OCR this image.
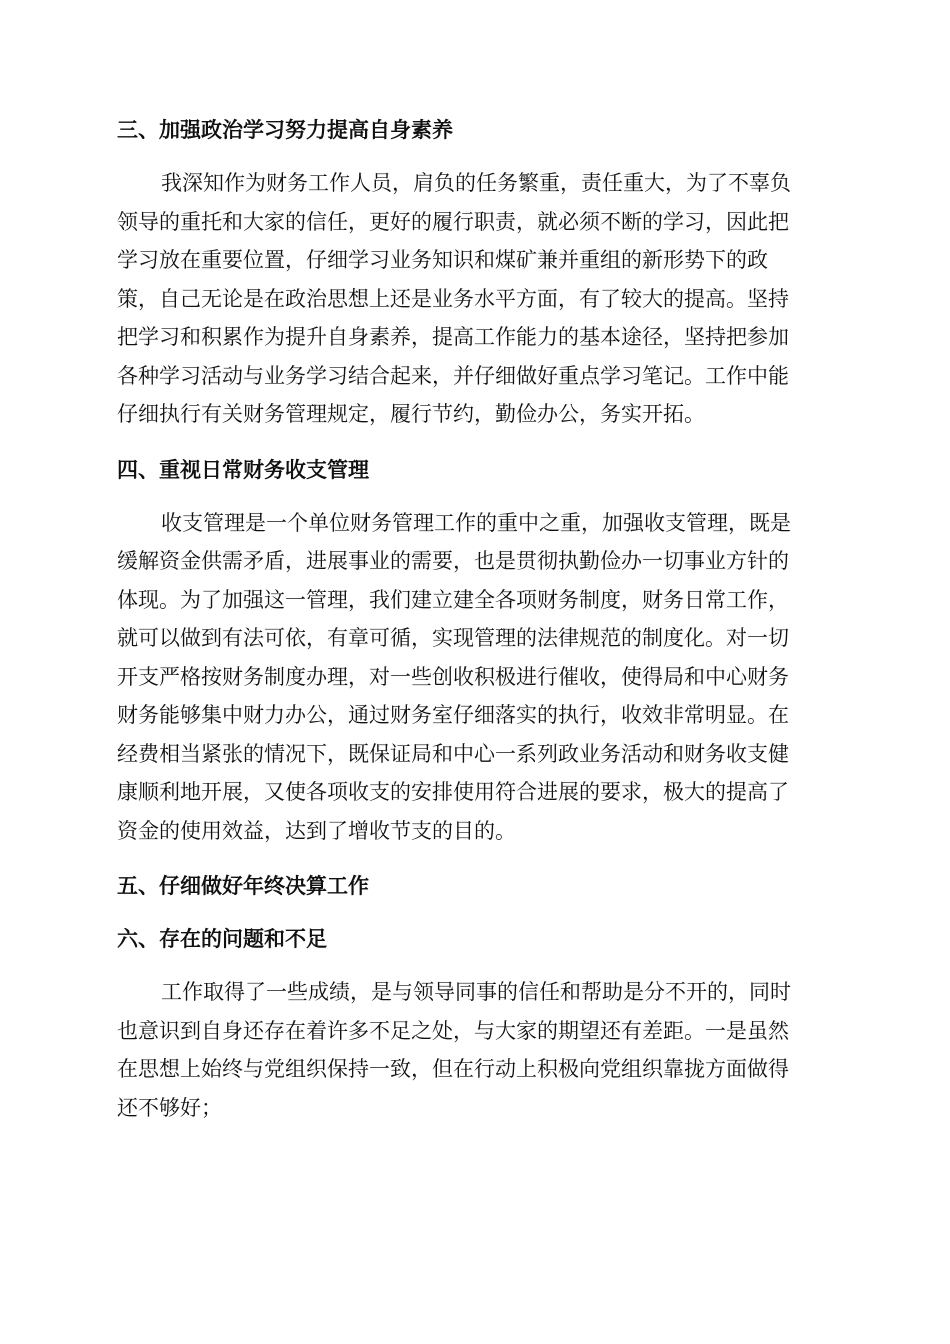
三、加强政治学习努力提高自身素养

我深知作为财务工作人员，肩负的任务繁重，责任重大，为了不辜负
领导的重托和大家的信任，更好的履行职责，就必须不断的学习，因此把
学习放在重要位置，仔细学习业务知识和煤矿兼并重组的新形势下的政
策，自己无论是在政治思想上还是业务水平方面，有了较大的提高。坚持
把学习和积累作为提升自身素养，提高工作能力的基本途径，坚持把参加
各种学习活动与业务学习结合起来，并仔细做好重点学习笔记。工作中能
仔细执行有关财务管理规定，履行节约，勤俭办公，务实开拓。

四、重视日常财务收支管理

收支管理是一个单位财务管理工作的重中之重，加强收支管理，既是
缓解资金供需矛盾，进展事业的需要，也是贯彻执勤俭办一切事业方针的
体现。为了加强这一管理，我们建立建全各项财务制度，财务日常工作，
就可以做到有法可依，有章可循，实现管理的法律规范的制度化。对一切
开支严格按财务制度办理，对一些创收积极进行催收，使得局和中心财务
财务能够集中财力办公，通过财务室仔细落实的执行，收效非常明显。在
经费相当紧张的情况下，既保证局和中心一系列政业务活动和财务收支健
康顺利地开展，又使各项收支的安排使用符合进展的要求，极大的提高了
资金的使用效益，达到了增收节支的目的。

五、仔细做好年终决算工作
六、存在的问题和不足

工作取得了一些成绩，是与领导同事的信任和帮助是分不开的，同时
也意识到自身还存在着许多不足之处，与大家的期望还有差距。一是虽然
在思想上始终与党组织保持一致，但在行动上积极向党组织靠拢方面做得
还不够好；
